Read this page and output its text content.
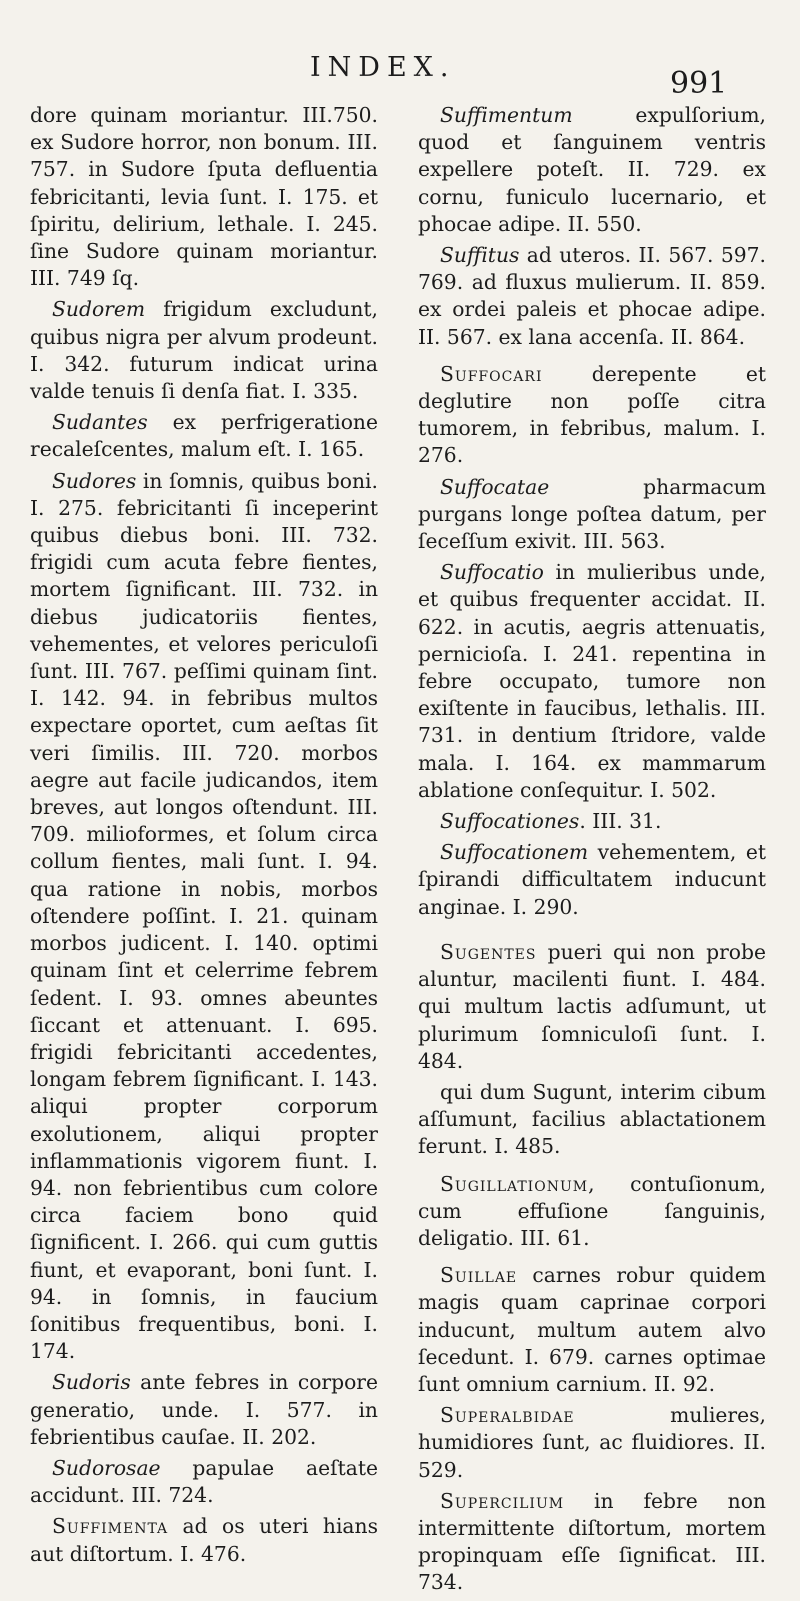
INDEX.	991

dore quinam moriantur. III.750. ex Sudore horror, non bonum. III. 757. in Sudore ſputa defluentia febricitanti, levia ſunt. I. 175. et ſpiritu, delirium, lethale. I. 245. ſine Sudore quinam moriantur. III. 749 ſq.

Sudorem frigidum excludunt, quibus nigra per alvum prodeunt. I. 342. futurum indicat urina valde tenuis ſi denſa fiat. I. 335.

Sudantes ex perfrigeratione recaleſcentes, malum eſt. I. 165.

Sudores in ſomnis, quibus boni. I. 275. febricitanti ſi inceperint quibus diebus boni. III. 732. frigidi cum acuta febre fientes, mortem ſignificant. III. 732. in diebus judicatoriis fientes, vehementes, et velores periculoſi ſunt. III. 767. peſſimi quinam ſint. I. 142. 94. in febribus multos expectare oportet, cum aeſtas ſit veri ſimilis. III. 720. morbos aegre aut facile judicandos, item breves, aut longos oſtendunt. III. 709. milioformes, et ſolum circa collum fientes, mali ſunt. I. 94. qua ratione in nobis, morbos oſtendere poſſint. I. 21. quinam morbos judicent. I. 140. optimi quinam ſint et celerrime febrem ſedent. I. 93. omnes abeuntes ſiccant et attenuant. I. 695. frigidi febricitanti accedentes, longam febrem ſignificant. I. 143. aliqui propter corporum exolutionem, aliqui propter inflammationis vigorem fiunt. I. 94. non febrientibus cum colore circa faciem bono quid ſignificent. I. 266. qui cum guttis fiunt, et evaporant, boni ſunt. I. 94. in ſomnis, in faucium ſonitibus frequentibus, boni. I. 174.

Sudoris ante febres in corpore generatio, unde. I. 577. in febrientibus cauſae. II. 202.

Sudorosae papulae aeſtate accidunt. III. 724.

Suffimenta ad os uteri hians aut diſtortum. I. 476.

Suffimentum expulſorium, quod et ſanguinem ventris expellere poteſt. II. 729. ex cornu, funiculo lucernario, et phocae adipe. II. 550.

Suffitus ad uteros. II. 567. 597. 769. ad fluxus mulierum. II. 859. ex ordei paleis et phocae adipe. II. 567. ex lana accenſa. II. 864.

Suffocari derepente et deglutire non poſſe citra tumorem, in febribus, malum. I. 276.

Suffocatae pharmacum purgans longe poſtea datum, per ſeceſſum exivit. III. 563.

Suffocatio in mulieribus unde, et quibus frequenter accidat. II. 622. in acutis, aegris attenuatis, pernicioſa. I. 241. repentina in febre occupato, tumore non exiſtente in faucibus, lethalis. III. 731. in dentium ſtridore, valde mala. I. 164. ex mammarum ablatione conſequitur. I. 502.

Suffocationes. III. 31.

Suffocationem vehementem, et ſpirandi difficultatem inducunt anginae. I. 290.

Sugentes pueri qui non probe aluntur, macilenti fiunt. I. 484. qui multum lactis adſumunt, ut plurimum ſomniculoſi ſunt. I. 484.

qui dum Sugunt, interim cibum aſſumunt, facilius ablactationem ferunt. I. 485.

Sugillationum, contuſionum, cum effuſione ſanguinis, deligatio. III. 61.

Suillae carnes robur quidem magis quam caprinae corpori inducunt, multum autem alvo ſecedunt. I. 679. carnes optimae ſunt omnium carnium. II. 92.

Superalbidae mulieres, humidiores ſunt, ac fluidiores. II. 529.

Supercilium in febre non intermittente diſtortum, mortem propinquam eſſe ſignificat. III. 734.
